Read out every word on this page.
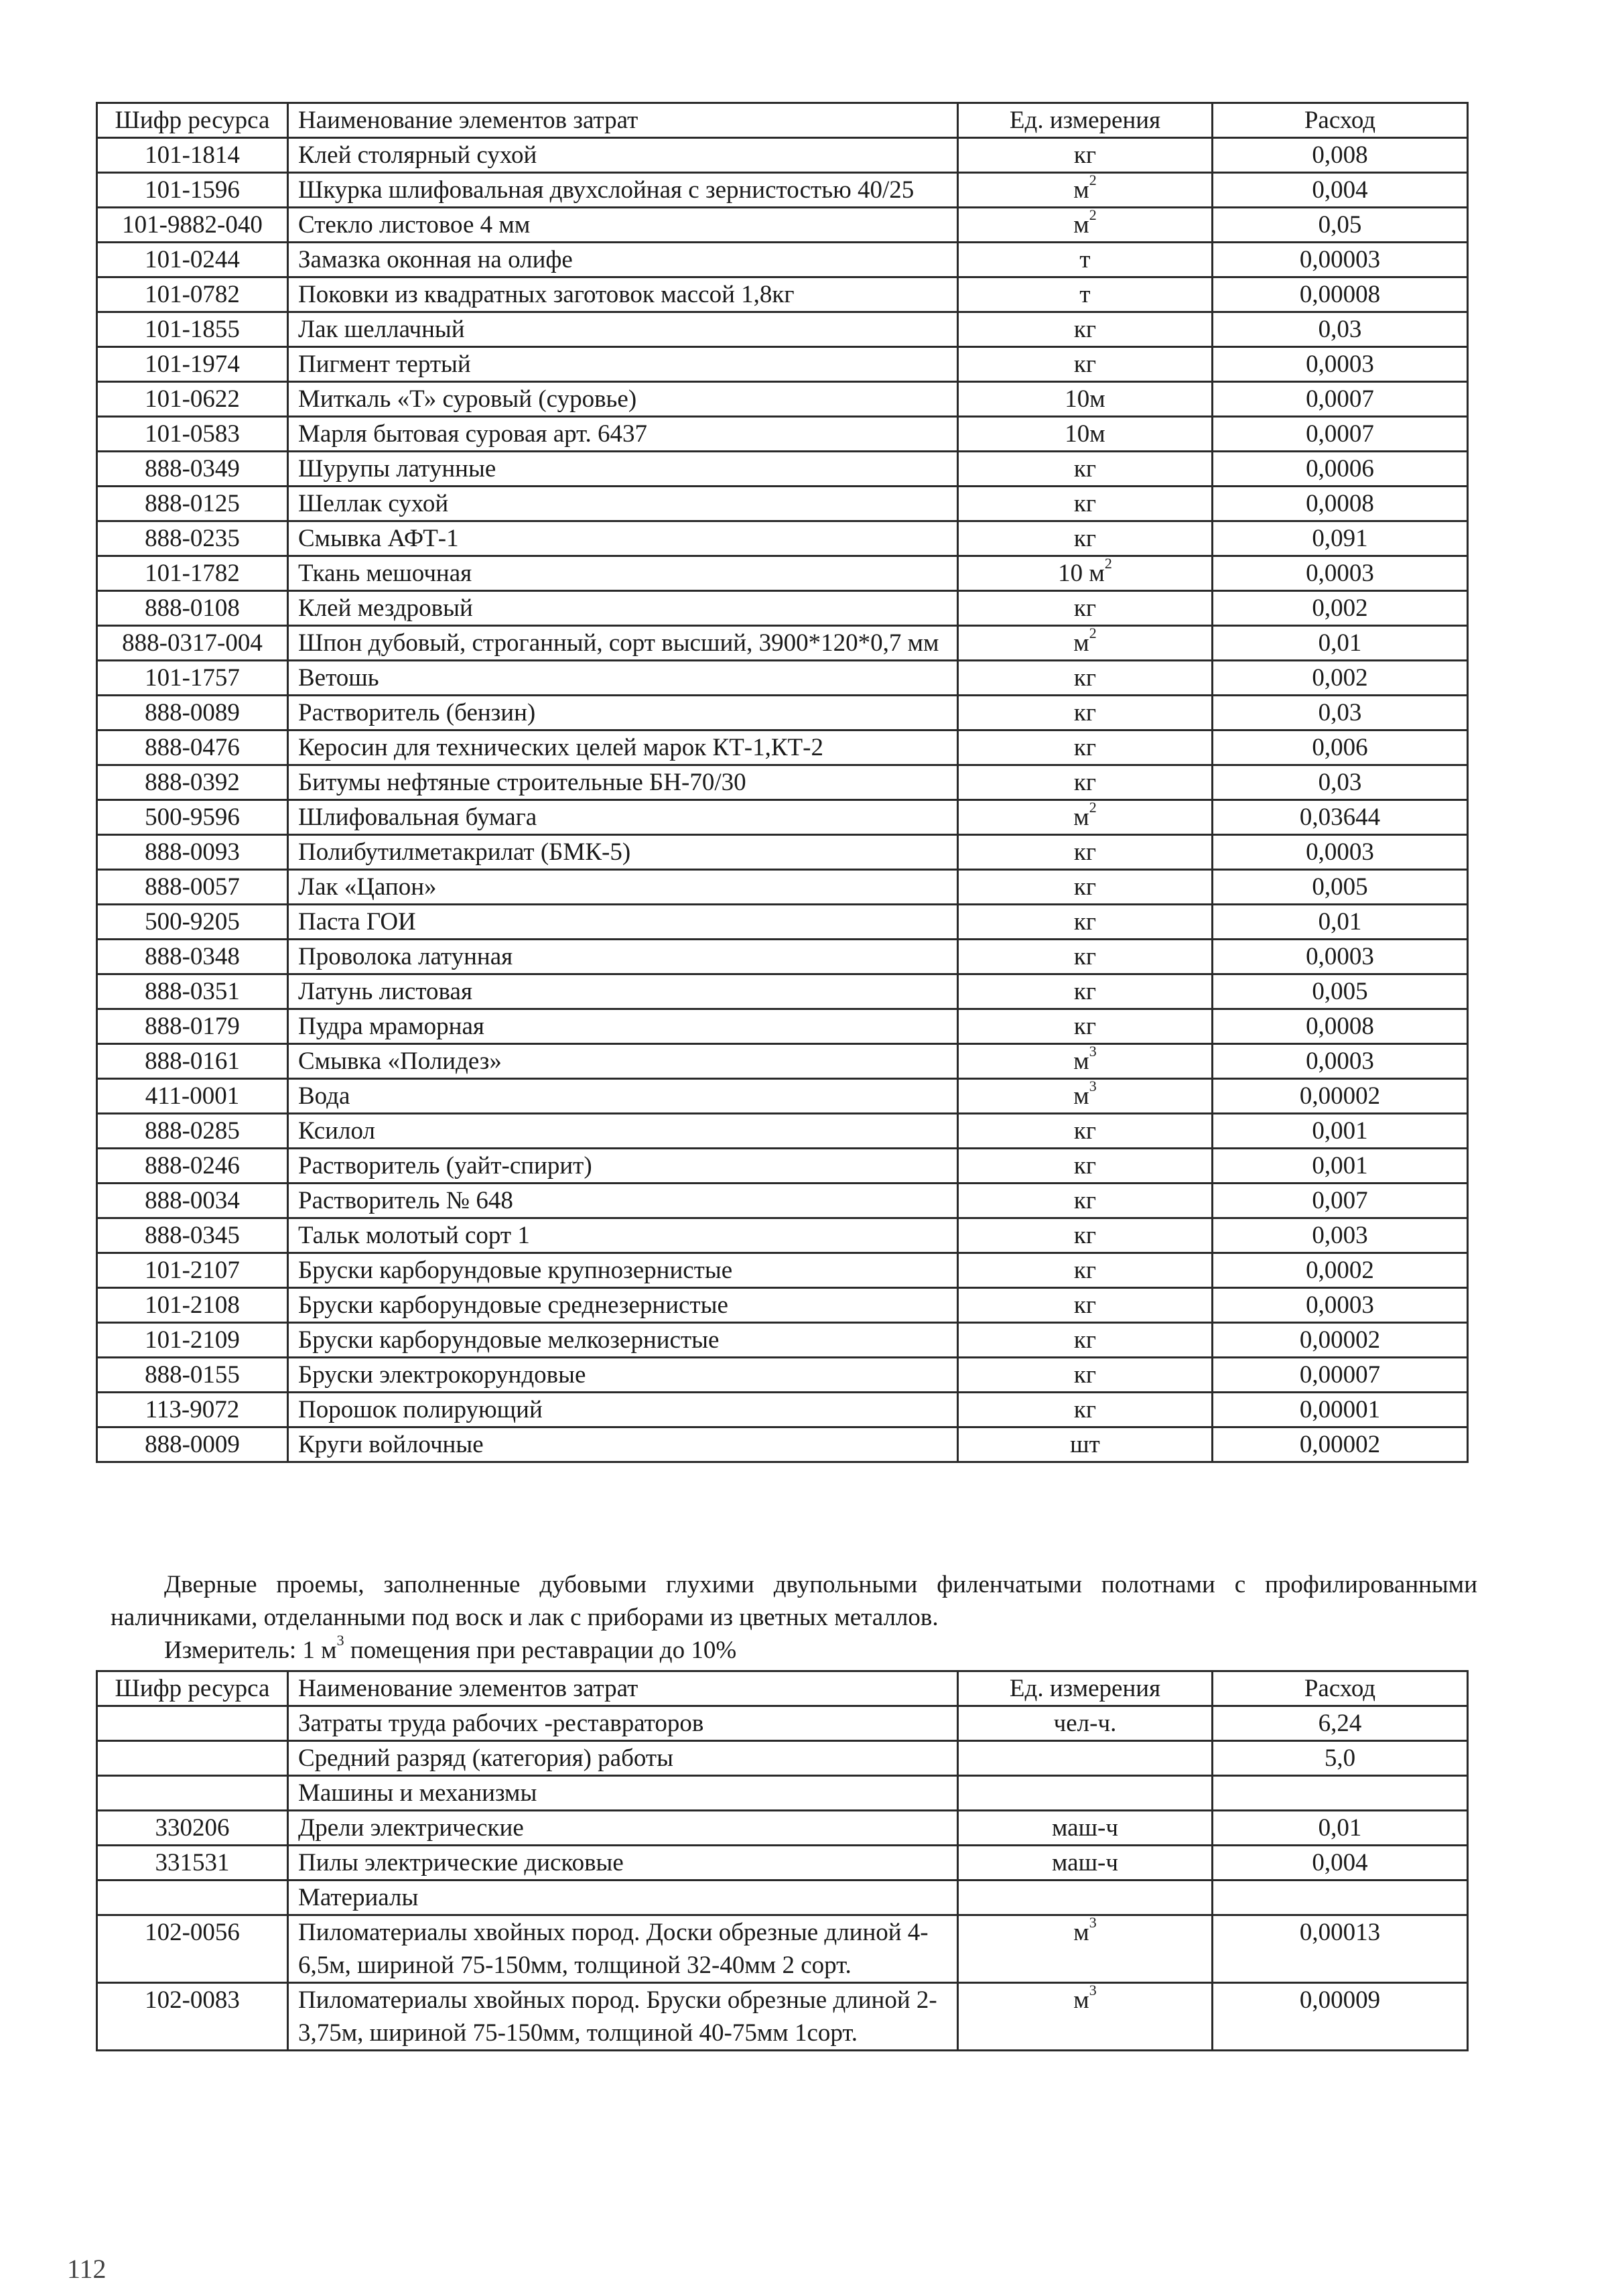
Шифр ресурса	Наименование элементов затрат	Ед. измерения	Расход
101-1814	Клей столярный сухой	кг	0,008
101-1596	Шкурка шлифовальная двухслойная с зернистостью 40/25	$м^2$	0,004
101-9882-040	Стекло листовое 4 мм	$м^2$	0,05
101-0244	Замазка оконная на олифе	т	0,00003
101-0782	Поковки из квадратных заготовок массой 1,8кг	т	0,00008
101-1855	Лак шеллачный	кг	0,03
101-1974	Пигмент тертый	кг	0,0003
101-0622	Миткаль «Т» суровый (суровье)	10м	0,0007
101-0583	Марля бытовая суровая арт. 6437	10м	0,0007
888-0349	Шурупы латунные	кг	0,0006
888-0125	Шеллак сухой	кг	0,0008
888-0235	Смывка АФТ-1	кг	0,091
101-1782	Ткань мешочная	10 $м^2$	0,0003
888-0108	Клей мездровый	кг	0,002
888-0317-004	Шпон дубовый, строганный, сорт высший, 3900*120*0,7 мм	$м^2$	0,01
101-1757	Ветошь	кг	0,002
888-0089	Растворитель (бензин)	кг	0,03
888-0476	Керосин для технических целей марок КТ-1,КТ-2	кг	0,006
888-0392	Битумы нефтяные строительные БН-70/30	кг	0,03
500-9596	Шлифовальная бумага	$м^2$	0,03644
888-0093	Полибутилметакрилат (БМК-5)	кг	0,0003
888-0057	Лак «Цапон»	кг	0,005
500-9205	Паста ГОИ	кг	0,01
888-0348	Проволока латунная	кг	0,0003
888-0351	Латунь листовая	кг	0,005
888-0179	Пудра мраморная	кг	0,0008
888-0161	Смывка «Полидез»	$м^3$	0,0003
411-0001	Вода	$м^3$	0,00002
888-0285	Ксилол	кг	0,001
888-0246	Растворитель (уайт-спирит)	кг	0,001
888-0034	Растворитель № 648	кг	0,007
888-0345	Тальк молотый сорт 1	кг	0,003
101-2107	Бруски карборундовые крупнозернистые	кг	0,0002
101-2108	Бруски карборундовые среднезернистые	кг	0,0003
101-2109	Бруски карборундовые мелкозернистые	кг	0,00002
888-0155	Бруски электрокорундовые	кг	0,00007
113-9072	Порошок полирующий	кг	0,00001
888-0009	Круги войлочные	шт	0,00002
Дверные проемы, заполненные дубовыми глухими двупольными филенчатыми полотнами с профилированными наличниками, отделанными под воск и лак с приборами из цветных металлов.
Измеритель: 1 $м^3$ помещения при реставрации до 10%
Шифр ресурса	Наименование элементов затрат	Ед. измерения	Расход
	Затраты труда рабочих -реставраторов	чел-ч.	6,24
	Средний разряд (категория) работы		5,0
	Машины и механизмы		
330206	Дрели электрические	маш-ч	0,01
331531	Пилы электрические дисковые	маш-ч	0,004
	Материалы		
102-0056	Пиломатериалы хвойных пород. Доски обрезные длиной 4-6,5м, шириной 75-150мм, толщиной 32-40мм 2 сорт.	$м^3$	0,00013
102-0083	Пиломатериалы хвойных пород. Бруски обрезные длиной 2-3,75м, шириной 75-150мм, толщиной 40-75мм 1сорт.	$м^3$	0,00009
112
